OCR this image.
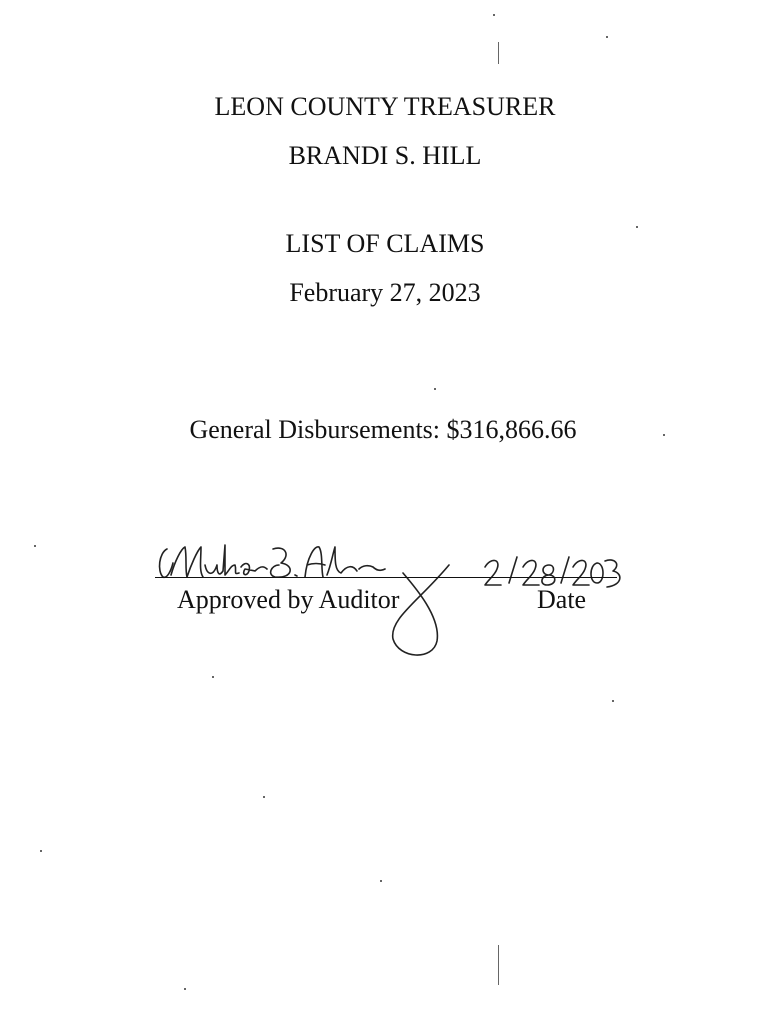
LEON COUNTY TREASURER
BRANDI S. HILL
LIST OF CLAIMS
February 27, 2023
General Disbursements: $316,866.66
Approved by Auditor	Date
